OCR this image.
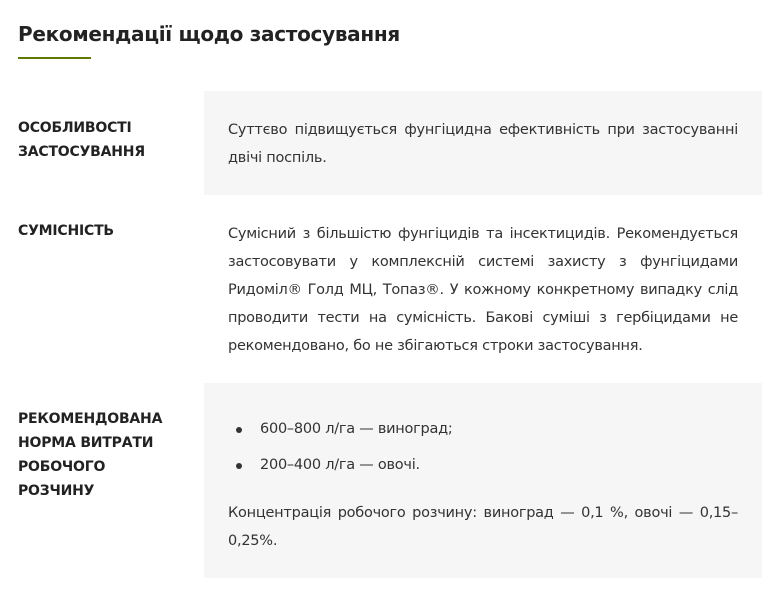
Рекомендації щодо застосування
ОСОБЛИВОСТІ ЗАСТОСУВАННЯ

Суттєво підвищується фунгіцидна ефективність при застосуванні двічі поспіль.

СУМІСНІСТЬ	Сумісний з більшістю фунгіцидів та інсектицидів. Рекомендується застосовувати у комплексній системі захисту з фунгіцидами Ридоміл® Голд МЦ, Топаз®. У кожному конкретному випадку слід проводити тести на сумісність. Бакові суміші з гербіцидами не рекомендовано, бо не збігаються строки застосування.

РЕКОМЕНДОВАНА НОРМА ВИТРАТИ РОБОЧОГО РОЗЧИНУ
600–800 л/га — виноград;
200–400 л/га — овочі.

Концентрація робочого розчину: виноград — 0,1 %, овочі — 0,15–0,25%.
